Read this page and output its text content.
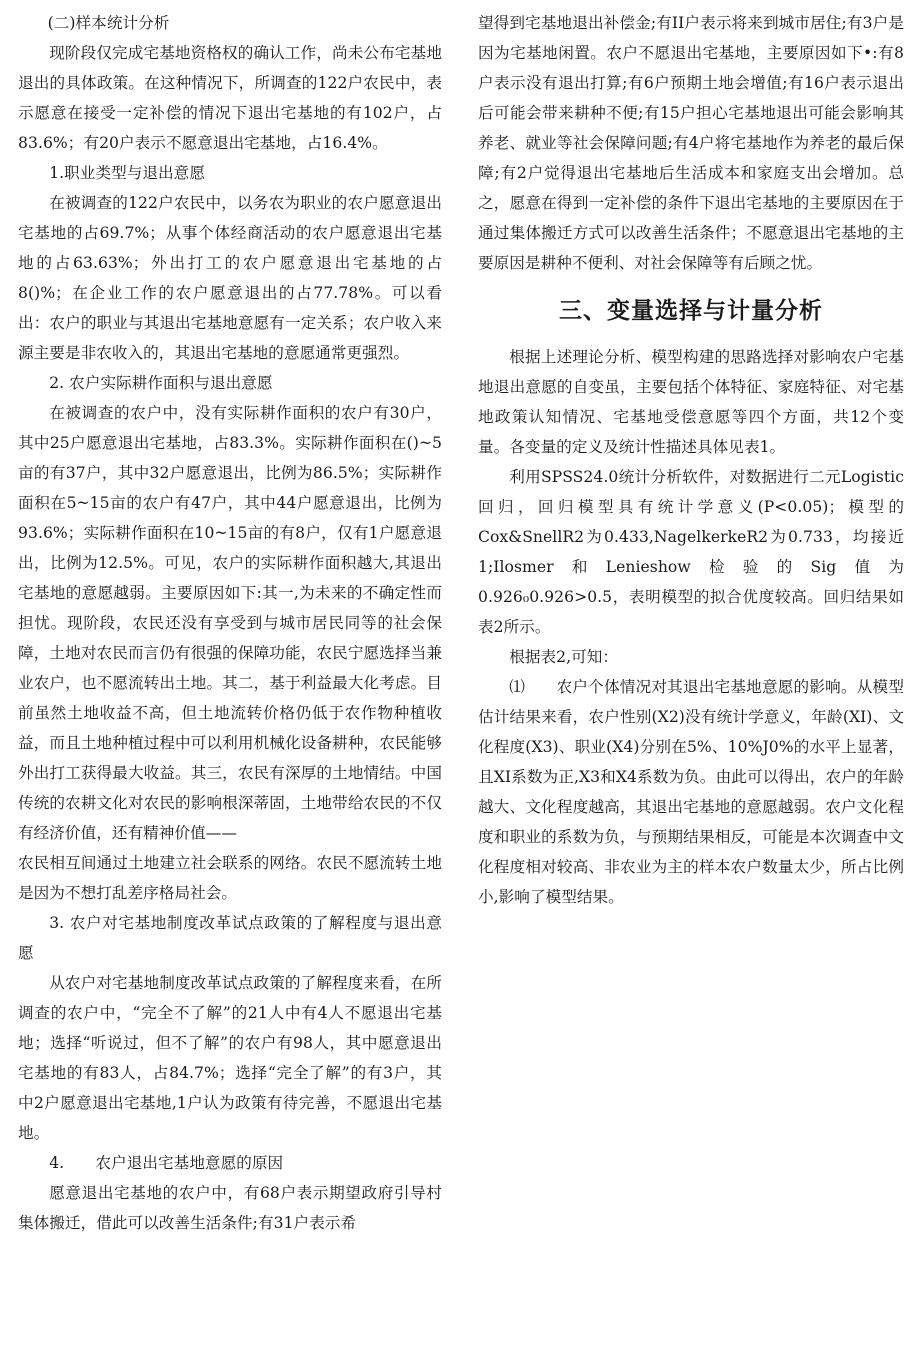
(二)样本统计分析

现阶段仅完成宅基地资格权的确认工作，尚未公布宅基地退出的具体政策。在这种情况下，所调查的122户农民中，表示愿意在接受一定补偿的情况下退出宅基地的有102户，占83.6%；有20户表示不愿意退出宅基地，占16.4%。

1.职业类型与退出意愿

在被调查的122户农民中，以务农为职业的农户愿意退出宅基地的占69.7%；从事个体经商活动的农户愿意退出宅基地的占63.63%；外出打工的农户愿意退出宅基地的占8()%；在企业工作的农户愿意退出的占77.78%。可以看出：农户的职业与其退出宅基地意愿有一定关系；农户收入来源主要是非农收入的，其退出宅基地的意愿通常更强烈。

2. 农户实际耕作面积与退出意愿

在被调查的农户中，没有实际耕作面积的农户有30户，其中25户愿意退出宅基地，占83.3%。实际耕作面积在()~5亩的有37户，其中32户愿意退出，比例为86.5%；实际耕作面积在5~15亩的农户有47户，其中44户愿意退出，比例为93.6%；实际耕作面积在10~15亩的有8户，仅有1户愿意退出，比例为12.5%。可见，农户的实际耕作面积越大,其退出宅基地的意愿越弱。主要原因如下:其一,为未来的不确定性而担忧。现阶段，农民还没有享受到与城市居民同等的社会保障，土地对农民而言仍有很强的保障功能，农民宁愿选择当兼业农户，也不愿流转出土地。其二，基于利益最大化考虑。目前虽然土地收益不高，但土地流转价格仍低于农作物种植收益，而且土地种植过程中可以利用机械化设备耕种，农民能够外出打工获得最大收益。其三，农民有深厚的土地情结。中国传统的农耕文化对农民的影响根深蒂固，土地带给农民的不仅有经济价值，还有精神价值——

农民相互间通过土地建立社会联系的网络。农民不愿流转土地是因为不想打乱差序格局社会。

3. 农户对宅基地制度改革试点政策的了解程度与退出意愿

从农户对宅基地制度改革试点政策的了解程度来看，在所调查的农户中，“完全不了解”的21人中有4人不愿退出宅基地；选择“听说过，但不了解”的农户有98人，其中愿意退出宅基地的有83人，占84.7%；选择“完全了解”的有3户，其中2户愿意退出宅基地,1户认为政策有待完善，不愿退出宅基地。

4.　　农户退出宅基地意愿的原因

愿意退出宅基地的农户中，有68户表示期望政府引导村集体搬迁，借此可以改善生活条件;有31户表示希

望得到宅基地退出补偿金;有II户表示将来到城市居住;有3户是因为宅基地闲置。农户不愿退出宅基地，主要原因如下•:有8户表示没有退出打算;有6户预期土地会增值;有16户表示退出后可能会带来耕种不便;有15户担心宅基地退出可能会影响其养老、就业等社会保障问题;有4户将宅基地作为养老的最后保障;有2户觉得退出宅基地后生活成本和家庭支出会增加。总之，愿意在得到一定补偿的条件下退出宅基地的主要原因在于通过集体搬迁方式可以改善生活条件；不愿意退出宅基地的主要原因是耕种不便利、对社会保障等有后顾之忧。

三、变量选择与计量分析

根据上述理论分析、模型构建的思路选择对影响农户宅基地退出意愿的自变虽，主要包括个体特征、家庭特征、对宅基地政策认知情况、宅基地受偿意愿等四个方面，共12个变量。各变量的定义及统计性描述具体见表1。

利用SPSS24.0统计分析软件，对数据进行二元Logistic回归，回归模型具有统计学意义(P<0.05)；模型的Cox&SnellR2为0.433,NagelkerkeR2为0.733，均接近1;Ilosmer和Lenieshow检验的Sig值为0.926₀0.926>0.5，表明模型的拟合优度较高。回归结果如表2所示。

根据表2,可知：

⑴　　农户个体情况对其退出宅基地意愿的影响。从模型估计结果来看，农户性别(X2)没有统计学意义，年龄(XI)、文化程度(X3)、职业(X4)分别在5%、10%J0%的水平上显著，且XI系数为正,X3和X4系数为负。由此可以得出，农户的年龄越大、文化程度越高，其退出宅基地的意愿越弱。农户文化程度和职业的系数为负，与预期结果相反，可能是本次调查中文化程度相对较高、非农业为主的样本农户数量太少，所占比例小,影响了模型结果。
